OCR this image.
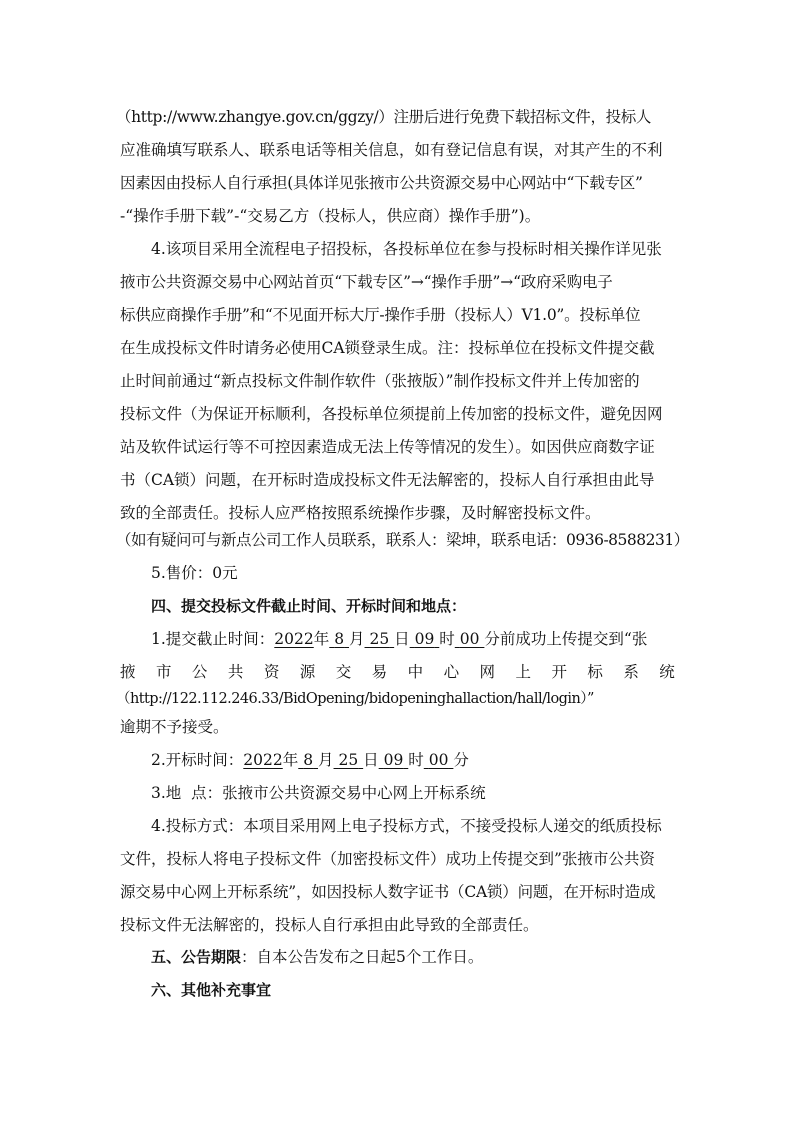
（http://www.zhangye.gov.cn/ggzy/）注册后进行免费下载招标文件，投标人
应准确填写联系人、联系电话等相关信息，如有登记信息有误，对其产生的不利
因素因由投标人自行承担(具体详见张掖市公共资源交易中心网站中“下载专区”
-“操作手册下载”-“交易乙方（投标人，供应商）操作手册”)。
4.该项目采用全流程电子招投标，各投标单位在参与投标时相关操作详见张
掖市公共资源交易中心网站首页“下载专区”→“操作手册”→“政府采购电子
标供应商操作手册”和“不见面开标大厅-操作手册（投标人）V1.0”。投标单位
在生成投标文件时请务必使用CA锁登录生成。注：投标单位在投标文件提交截
止时间前通过“新点投标文件制作软件（张掖版）”制作投标文件并上传加密的
投标文件（为保证开标顺利，各投标单位须提前上传加密的投标文件，避免因网
站及软件试运行等不可控因素造成无法上传等情况的发生）。如因供应商数字证
书（CA锁）问题，在开标时造成投标文件无法解密的，投标人自行承担由此导
致的全部责任。投标人应严格按照系统操作步骤，及时解密投标文件。
（如有疑问可与新点公司工作人员联系，联系人：梁坤，联系电话：0936-8588231）
5.售价：0元
四、提交投标文件截止时间、开标时间和地点：
1.提交截止时间：2022年 8 月 25 日 09 时 00 分前成功上传提交到“张
掖 市 公 共 资 源 交 易 中 心 网 上 开 标 系 统
（http://122.112.246.33/BidOpening/bidopeninghallaction/hall/login）”
逾期不予接受。
2.开标时间：2022年 8 月 25 日 09 时 00 分
3.地  点：张掖市公共资源交易中心网上开标系统
4.投标方式：本项目采用网上电子投标方式，不接受投标人递交的纸质投标
文件，投标人将电子投标文件（加密投标文件）成功上传提交到”张掖市公共资
源交易中心网上开标系统”，如因投标人数字证书（CA锁）问题，在开标时造成
投标文件无法解密的，投标人自行承担由此导致的全部责任。
五、公告期限：自本公告发布之日起5个工作日。
六、其他补充事宜
